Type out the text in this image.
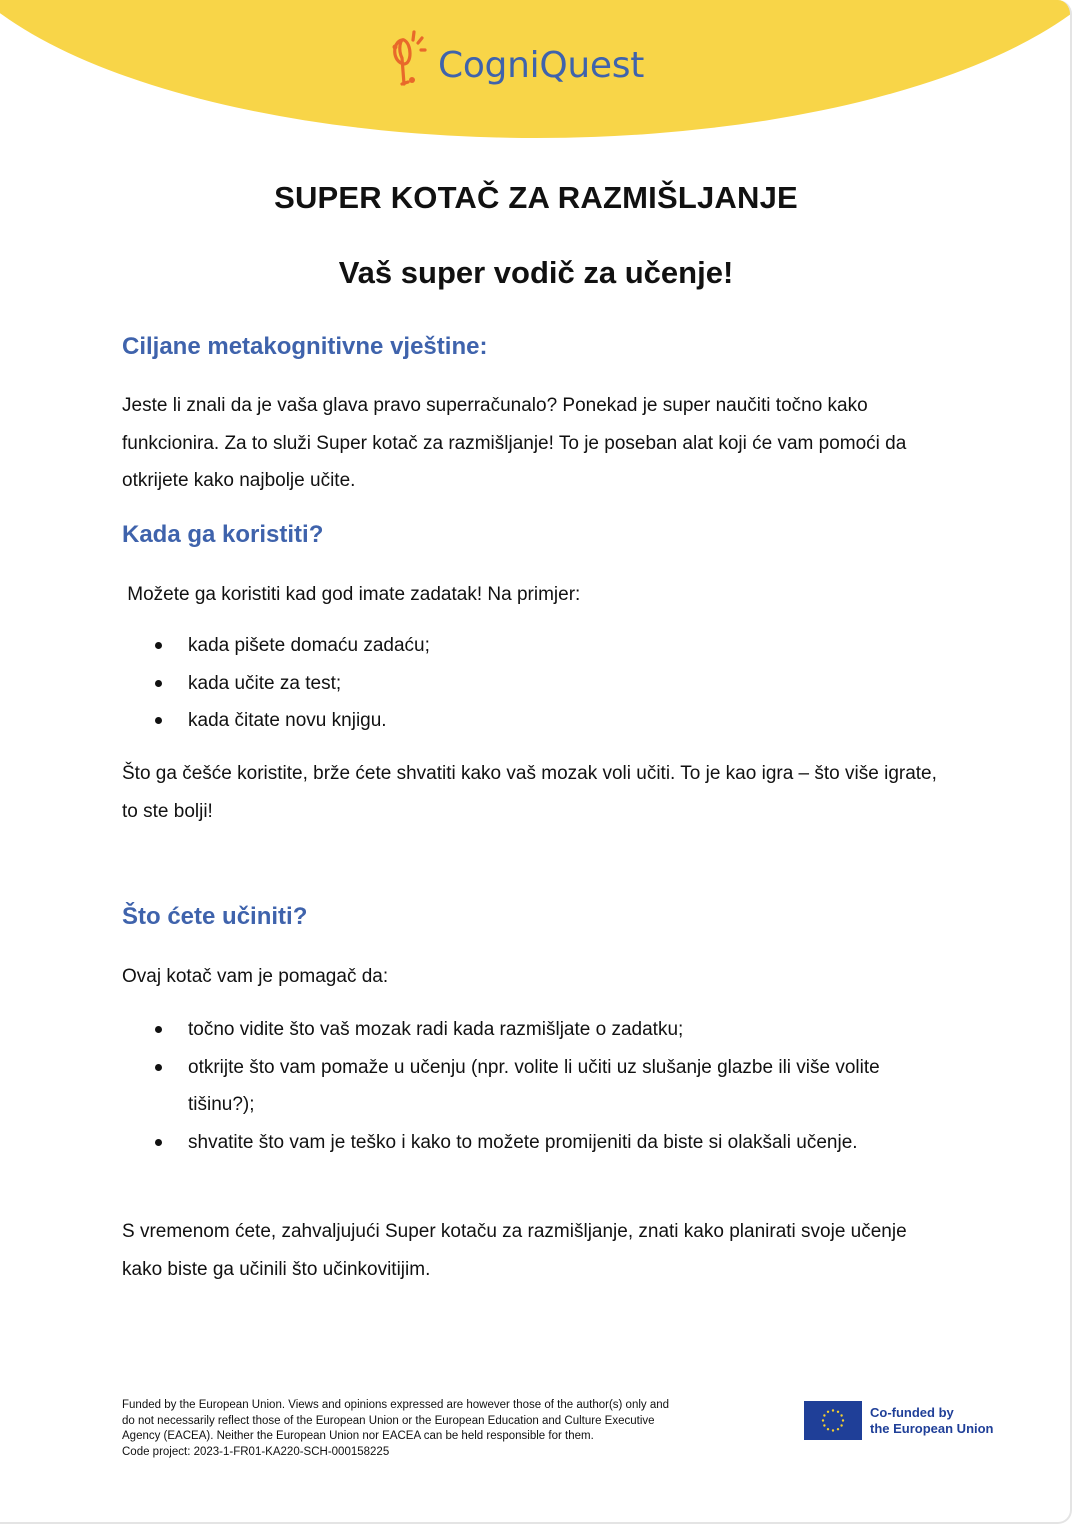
CogniQuest
SUPER KOTAČ ZA RAZMIŠLJANJE
Vaš super vodič za učenje!
Ciljane metakognitivne vještine:
Jeste li znali da je vaša glava pravo superračunalo? Ponekad je super naučiti točno kako funkcionira. Za to služi Super kotač za razmišljanje! To je poseban alat koji će vam pomoći da otkrijete kako najbolje učite.
Kada ga koristiti?
Možete ga koristiti kad god imate zadatak! Na primjer:
kada pišete domaću zadaću;
kada učite za test;
kada čitate novu knjigu.
Što ga češće koristite, brže ćete shvatiti kako vaš mozak voli učiti. To je kao igra – što više igrate, to ste bolji!
Što ćete učiniti?
Ovaj kotač vam je pomagač da:
točno vidite što vaš mozak radi kada razmišljate o zadatku;
otkrijte što vam pomaže u učenju (npr. volite li učiti uz slušanje glazbe ili više volite tišinu?);
shvatite što vam je teško i kako to možete promijeniti da biste si olakšali učenje.
S vremenom ćete, zahvaljujući Super kotaču za razmišljanje, znati kako planirati svoje učenje kako biste ga učinili što učinkovitijim.
Funded by the European Union. Views and opinions expressed are however those of the author(s) only and
do not necessarily reflect those of the European Union or the European Education and Culture Executive
Agency (EACEA). Neither the European Union nor EACEA can be held responsible for them.
Code project: 2023-1-FR01-KA220-SCH-000158225
Co-funded by
the European Union
